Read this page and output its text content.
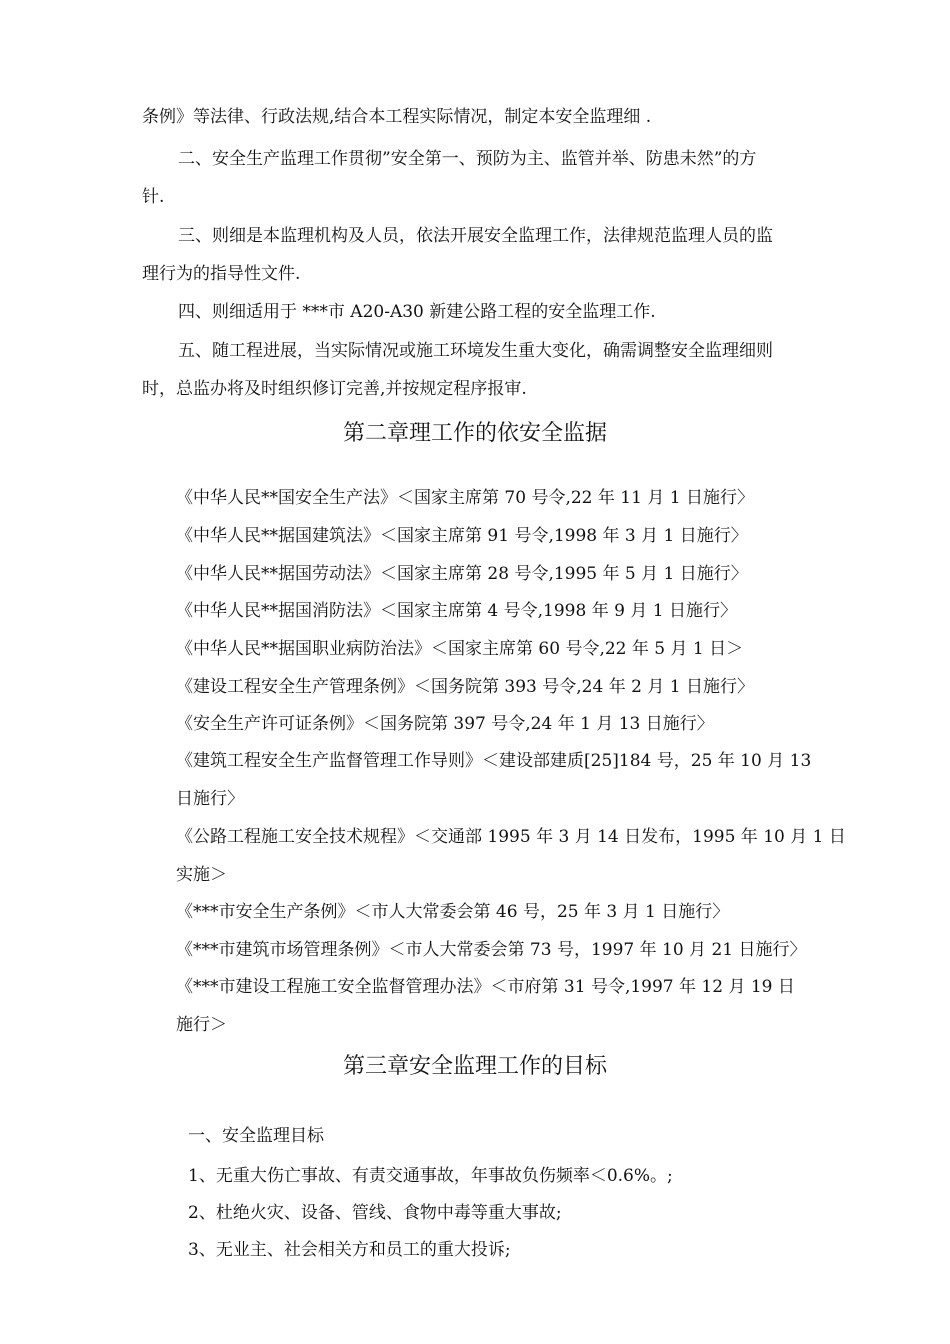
条例》等法律、行政法规,结合本工程实际情况，制定本安全监理细 .
二、安全生产监理工作贯彻”安全第一、预防为主、监管并举、防患未然”的方
针.
三、则细是本监理机构及人员，依法开展安全监理工作，法律规范监理人员的监
理行为的指导性文件.
四、则细适用于 ***市 A20-A30 新建公路工程的安全监理工作.
五、随工程进展，当实际情况或施工环境发生重大变化，确需调整安全监理细则
时，总监办将及时组织修订完善,并按规定程序报审.
第二章理工作的依安全监据
《中华人民**国安全生产法》＜国家主席第 70 号令,22 年 11 月 1 日施行〉
《中华人民**据国建筑法》＜国家主席第 91 号令,1998 年 3 月 1 日施行〉
《中华人民**据国劳动法》＜国家主席第 28 号令,1995 年 5 月 1 日施行〉
《中华人民**据国消防法》＜国家主席第 4 号令,1998 年 9 月 1 日施行〉
《中华人民**据国职业病防治法》＜国家主席第 60 号令,22 年 5 月 1 日＞
《建设工程安全生产管理条例》＜国务院第 393 号令,24 年 2 月 1 日施行〉
《安全生产许可证条例》＜国务院第 397 号令,24 年 1 月 13 日施行〉
《建筑工程安全生产监督管理工作导则》＜建设部建质[25]184 号，25 年 10 月 13
日施行〉
《公路工程施工安全技术规程》＜交通部 1995 年 3 月 14 日发布，1995 年 10 月 1 日
实施＞
《***市安全生产条例》＜市人大常委会第 46 号，25 年 3 月 1 日施行〉
《***市建筑市场管理条例》＜市人大常委会第 73 号，1997 年 10 月 21 日施行〉
《***市建设工程施工安全监督管理办法》＜市府第 31 号令,1997 年 12 月 19 日
施行＞
第三章安全监理工作的目标
一、安全监理目标
1、无重大伤亡事故、有责交通事故，年事故负伤频率＜0.6%。;
2、杜绝火灾、设备、管线、食物中毒等重大事故;
3、无业主、社会相关方和员工的重大投诉;
